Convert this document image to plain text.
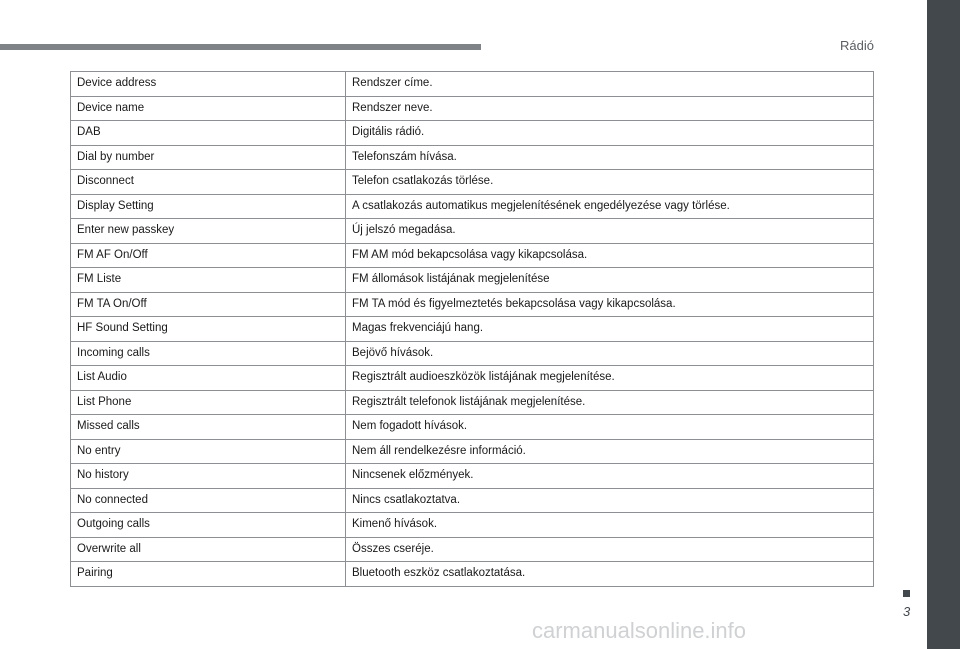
Rádió
3
carmanualsonline.info
Device address	Rendszer címe.
Device name	Rendszer neve.
DAB	Digitális rádió.
Dial by number	Telefonszám hívása.
Disconnect	Telefon csatlakozás törlése.
Display Setting	A csatlakozás automatikus megjelenítésének engedélyezése vagy törlése.
Enter new passkey	Új jelszó megadása.
FM AF On/Off	FM AM mód bekapcsolása vagy kikapcsolása.
FM Liste	FM állomások listájának megjelenítése
FM TA On/Off	FM TA mód és figyelmeztetés bekapcsolása vagy kikapcsolása.
HF Sound Setting	Magas frekvenciájú hang.
Incoming calls	Bejövő hívások.
List Audio	Regisztrált audioeszközök listájának megjelenítése.
List Phone	Regisztrált telefonok listájának megjelenítése.
Missed calls	Nem fogadott hívások.
No entry	Nem áll rendelkezésre információ.
No history	Nincsenek előzmények.
No connected	Nincs csatlakoztatva.
Outgoing calls	Kimenő hívások.
Overwrite all	Összes cseréje.
Pairing	Bluetooth eszköz csatlakoztatása.
